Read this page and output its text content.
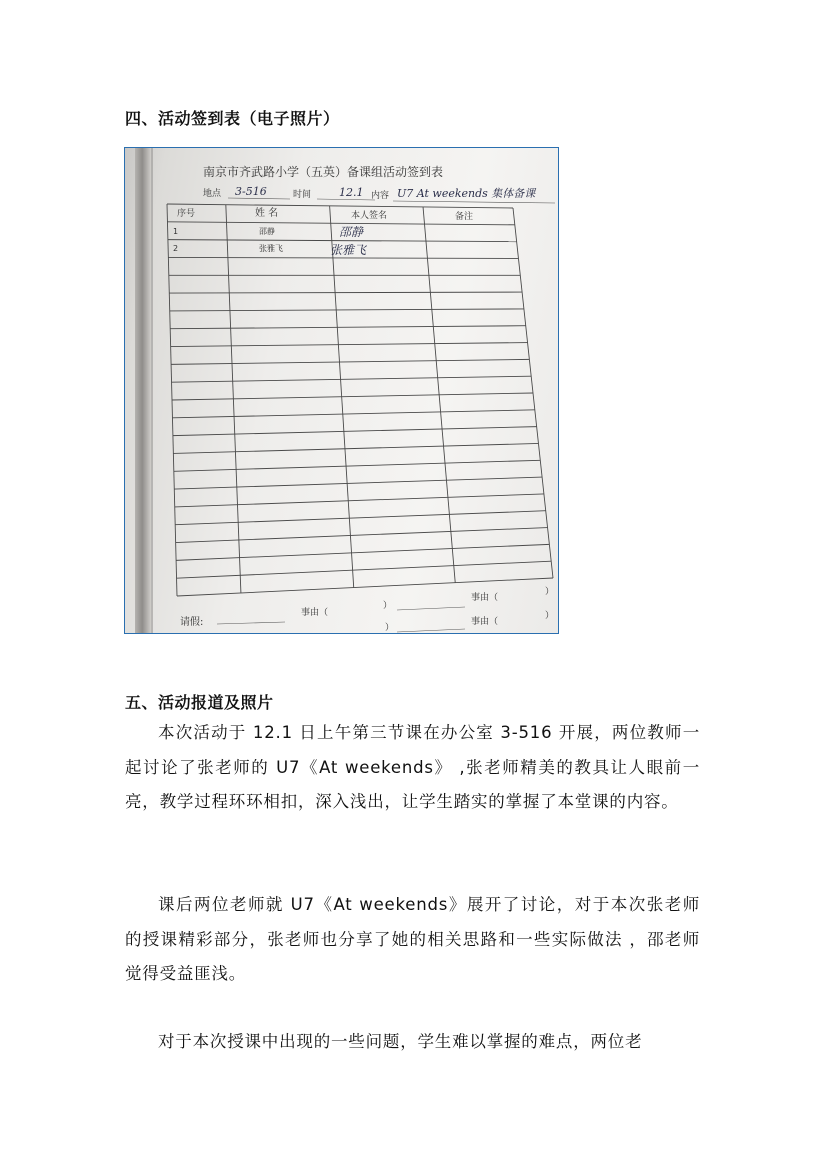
四、活动签到表（电子照片）
南京市齐武路小学（五英）备课组活动签到表
地点 3-516	时间	12.1 内容 U7 At weekends 集体备课
序号	姓 名	本人签名	备注
1	邵静	邵静
2	张雅飞	张雅飞
请假:
事由（
）
事由（
）
）
事由（
）
五、活动报道及照片
本次活动于 12.1 日上午第三节课在办公室 3-516 开展，两位教师一起讨论了张老师的 U7《At weekends》 ,张老师精美的教具让人眼前一亮，教学过程环环相扣，深入浅出，让学生踏实的掌握了本堂课的内容。
课后两位老师就 U7《At weekends》展开了讨论，对于本次张老师的授课精彩部分，张老师也分享了她的相关思路和一些实际做法 ，邵老师觉得受益匪浅。
对于本次授课中出现的一些问题，学生难以掌握的难点，两位老
